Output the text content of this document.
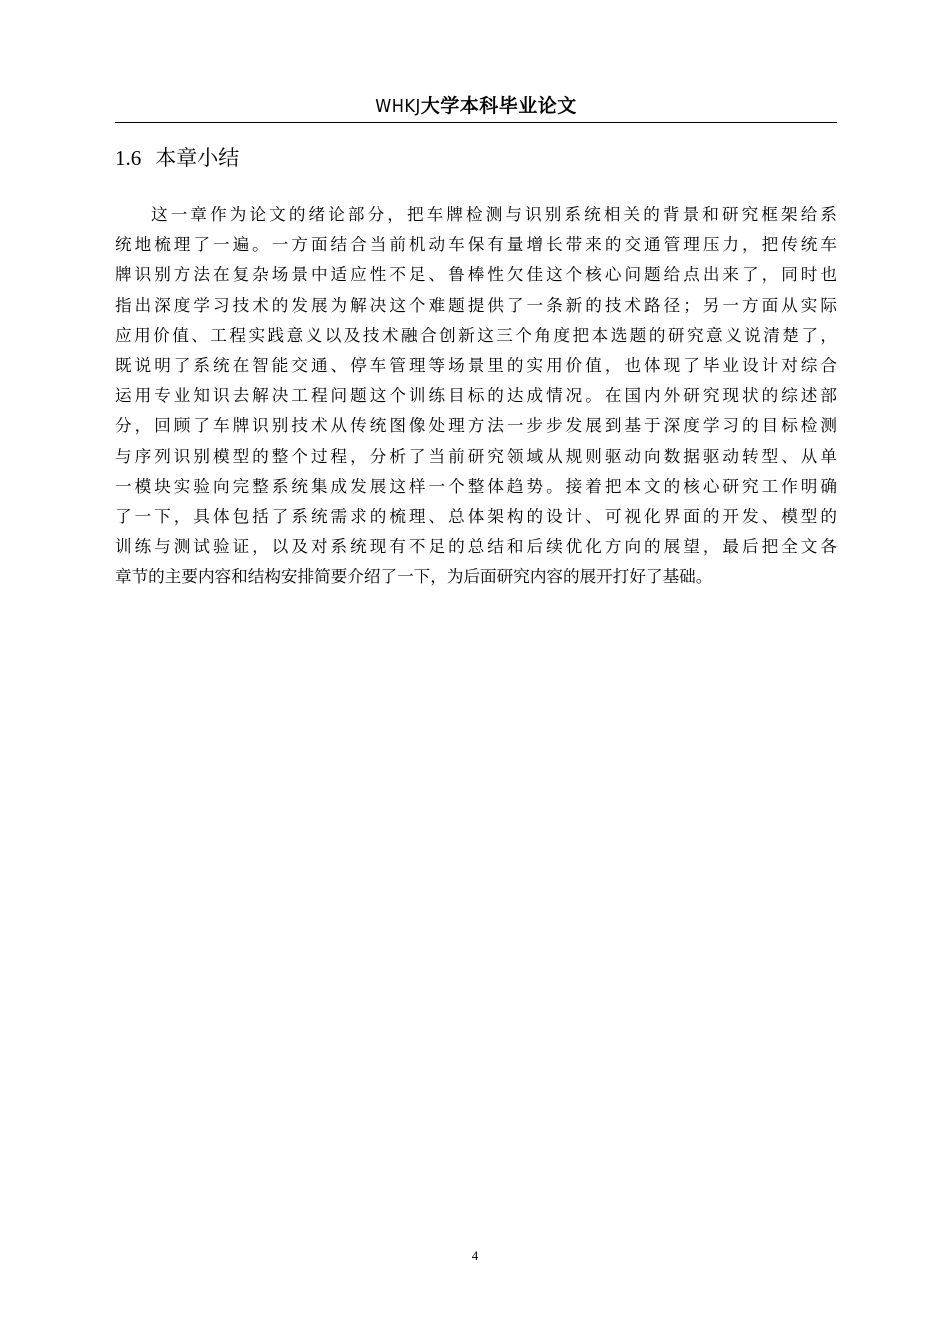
WHKJ大学本科毕业论文
1.6 本章小结
这一章作为论文的绪论部分，把车牌检测与识别系统相关的背景和研究框架给系
统地梳理了一遍。一方面结合当前机动车保有量增长带来的交通管理压力，把传统车
牌识别方法在复杂场景中适应性不足、鲁棒性欠佳这个核心问题给点出来了，同时也
指出深度学习技术的发展为解决这个难题提供了一条新的技术路径；另一方面从实际
应用价值、工程实践意义以及技术融合创新这三个角度把本选题的研究意义说清楚了，
既说明了系统在智能交通、停车管理等场景里的实用价值，也体现了毕业设计对综合
运用专业知识去解决工程问题这个训练目标的达成情况。在国内外研究现状的综述部
分，回顾了车牌识别技术从传统图像处理方法一步步发展到基于深度学习的目标检测
与序列识别模型的整个过程，分析了当前研究领域从规则驱动向数据驱动转型、从单
一模块实验向完整系统集成发展这样一个整体趋势。接着把本文的核心研究工作明确
了一下，具体包括了系统需求的梳理、总体架构的设计、可视化界面的开发、模型的
训练与测试验证，以及对系统现有不足的总结和后续优化方向的展望，最后把全文各
章节的主要内容和结构安排简要介绍了一下，为后面研究内容的展开打好了基础。
4
